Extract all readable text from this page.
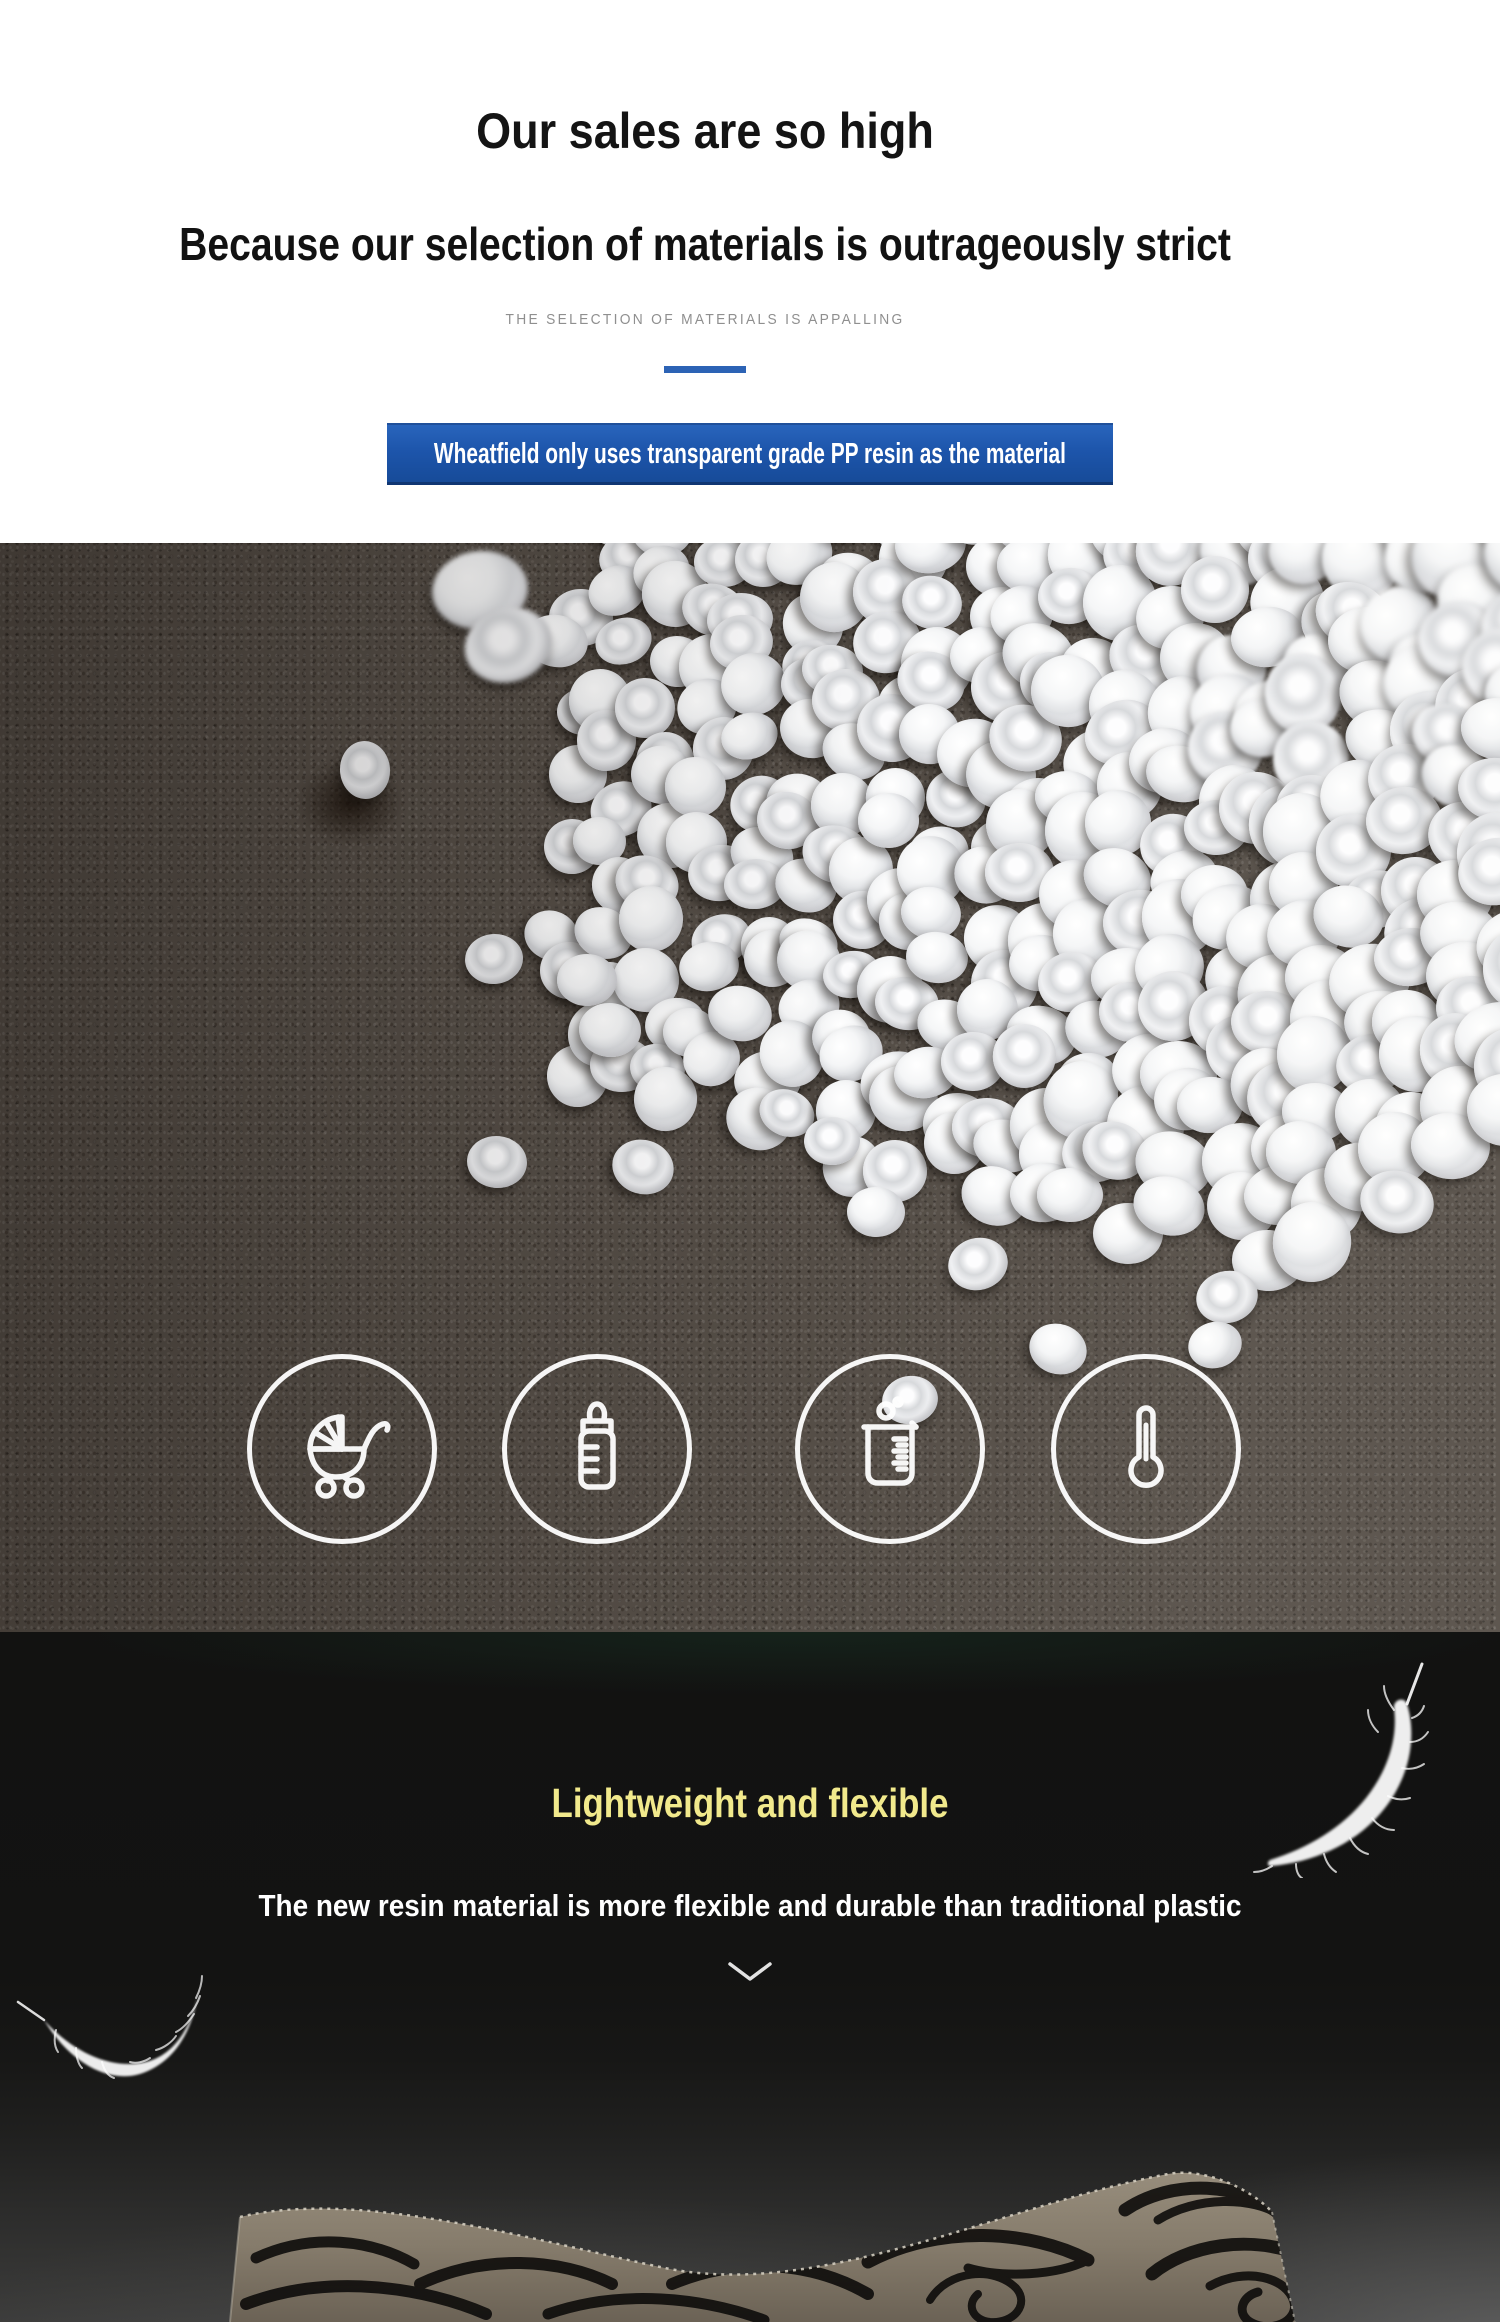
Our sales are so high
Because our selection of materials is outrageously strict
THE SELECTION OF MATERIALS IS APPALLING
Wheatfield only uses transparent grade PP resin as the material
Lightweight and flexible
The new resin material is more flexible and durable than traditional plastic
